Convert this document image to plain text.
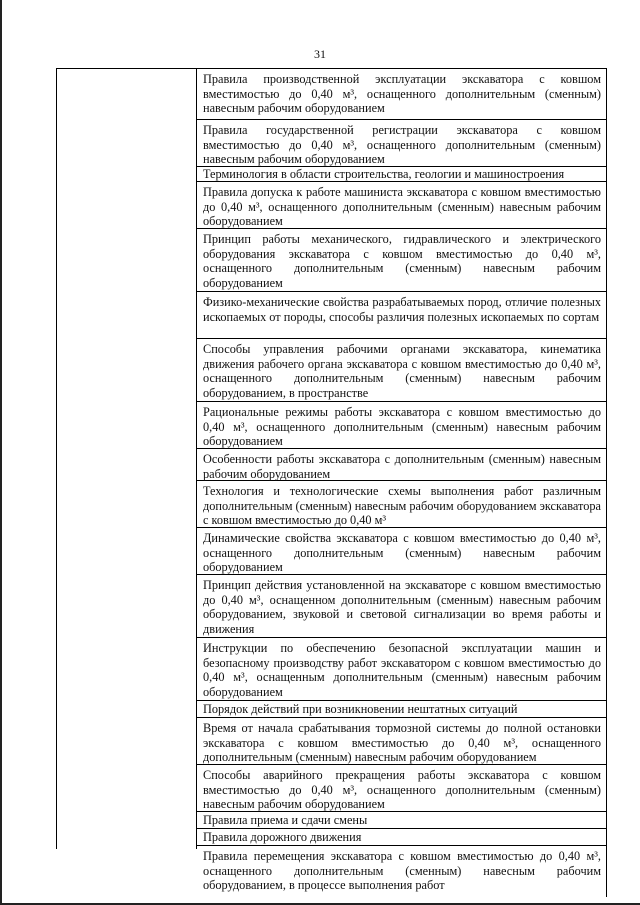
31
Правила производственной эксплуатации экскаватора с ковшом вместимостью до 0,40 м³, оснащенного дополнительным (сменным) навесным рабочим оборудованием
Правила государственной регистрации экскаватора с ковшом вместимостью до 0,40 м³, оснащенного дополнительным (сменным) навесным рабочим оборудованием
Терминология в области строительства, геологии и машиностроения
Правила допуска к работе машиниста экскаватора с ковшом вместимостью до 0,40 м³, оснащенного дополнительным (сменным) навесным рабочим оборудованием
Принцип работы механического, гидравлического и электрического оборудования экскаватора с ковшом вместимостью до 0,40 м³, оснащенного дополнительным (сменным) навесным рабочим оборудованием
Физико-механические свойства разрабатываемых пород, отличие полезных ископаемых от породы, способы различия полезных ископаемых по сортам
Способы управления рабочими органами экскаватора, кинематика движения рабочего органа экскаватора с ковшом вместимостью до 0,40 м³, оснащенного дополнительным (сменным) навесным рабочим оборудованием, в пространстве
Рациональные режимы работы экскаватора с ковшом вместимостью до 0,40 м³, оснащенного дополнительным (сменным) навесным рабочим оборудованием
Особенности работы экскаватора с дополнительным (сменным) навесным рабочим оборудованием
Технология и технологические схемы выполнения работ различным дополнительным (сменным) навесным рабочим оборудованием экскаватора с ковшом вместимостью до 0,40 м³
Динамические свойства экскаватора с ковшом вместимостью до 0,40 м³, оснащенного дополнительным (сменным) навесным рабочим оборудованием
Принцип действия установленной на экскаваторе с ковшом вместимостью до 0,40 м³, оснащенном дополнительным (сменным) навесным рабочим оборудованием, звуковой и световой сигнализации во время работы и движения
Инструкции по обеспечению безопасной эксплуатации машин и безопасному производству работ экскаватором с ковшом вместимостью до 0,40 м³, оснащенным дополнительным (сменным) навесным рабочим оборудованием
Порядок действий при возникновении нештатных ситуаций
Время от начала срабатывания тормозной системы до полной остановки экскаватора с ковшом вместимостью до 0,40 м³, оснащенного дополнительным (сменным) навесным рабочим оборудованием
Способы аварийного прекращения работы экскаватора с ковшом вместимостью до 0,40 м³, оснащенного дополнительным (сменным) навесным рабочим оборудованием
Правила приема и сдачи смены
Правила дорожного движения
Правила перемещения экскаватора с ковшом вместимостью до 0,40 м³, оснащенного дополнительным (сменным) навесным рабочим оборудованием, в процессе выполнения работ
